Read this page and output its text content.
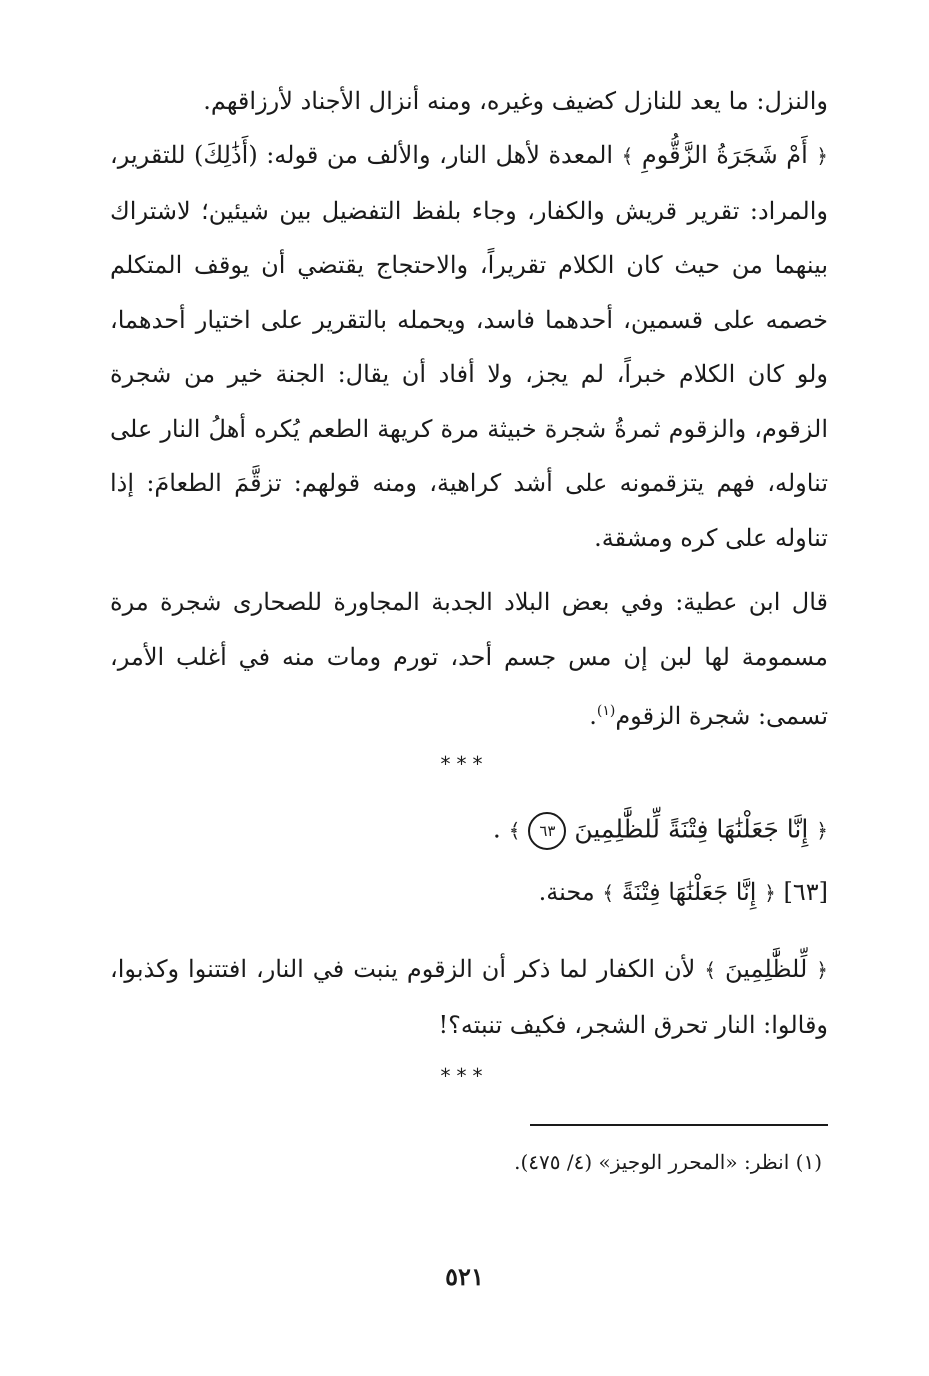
والنزل: ما يعد للنازل كضيف وغيره، ومنه أنزال الأجناد لأرزاقهم.
﴿ أَمْ شَجَرَةُ الزَّقُّومِ ﴾ المعدة لأهل النار، والألف من قوله: (أَذَٰلِكَ) للتقرير، والمراد: تقرير قريش والكفار، وجاء بلفظ التفضيل بين شيئين؛ لاشتراك بينهما من حيث كان الكلام تقريراً، والاحتجاج يقتضي أن يوقف المتكلم خصمه على قسمين، أحدهما فاسد، ويحمله بالتقرير على اختيار أحدهما، ولو كان الكلام خبراً، لم يجز، ولا أفاد أن يقال: الجنة خير من شجرة الزقوم، والزقوم ثمرةُ شجرة خبيثة مرة كريهة الطعم يُكره أهلُ النار على تناوله، فهم يتزقمونه على أشد كراهية، ومنه قولهم: تزقَّمَ الطعامَ: إذا تناوله على كره ومشقة.
قال ابن عطية: وفي بعض البلاد الجدبة المجاورة للصحارى شجرة مرة مسمومة لها لبن إن مس جسم أحد، تورم ومات منه في أغلب الأمر، تسمى: شجرة الزقوم$^{(١)}$.
***
﴿ إِنَّا جَعَلْنَٰهَا فِتْنَةً لِّلظَّٰلِمِينَ ٦٣ ﴾ .
[٦٣] ﴿ إِنَّا جَعَلْنَٰهَا فِتْنَةً ﴾ محنة.
﴿ لِّلظَّٰلِمِينَ ﴾ لأن الكفار لما ذكر أن الزقوم ينبت في النار، افتتنوا وكذبوا، وقالوا: النار تحرق الشجر، فكيف تنبته؟!
***
(١) انظر: «المحرر الوجيز» (٤/ ٤٧٥).
٥٢١
